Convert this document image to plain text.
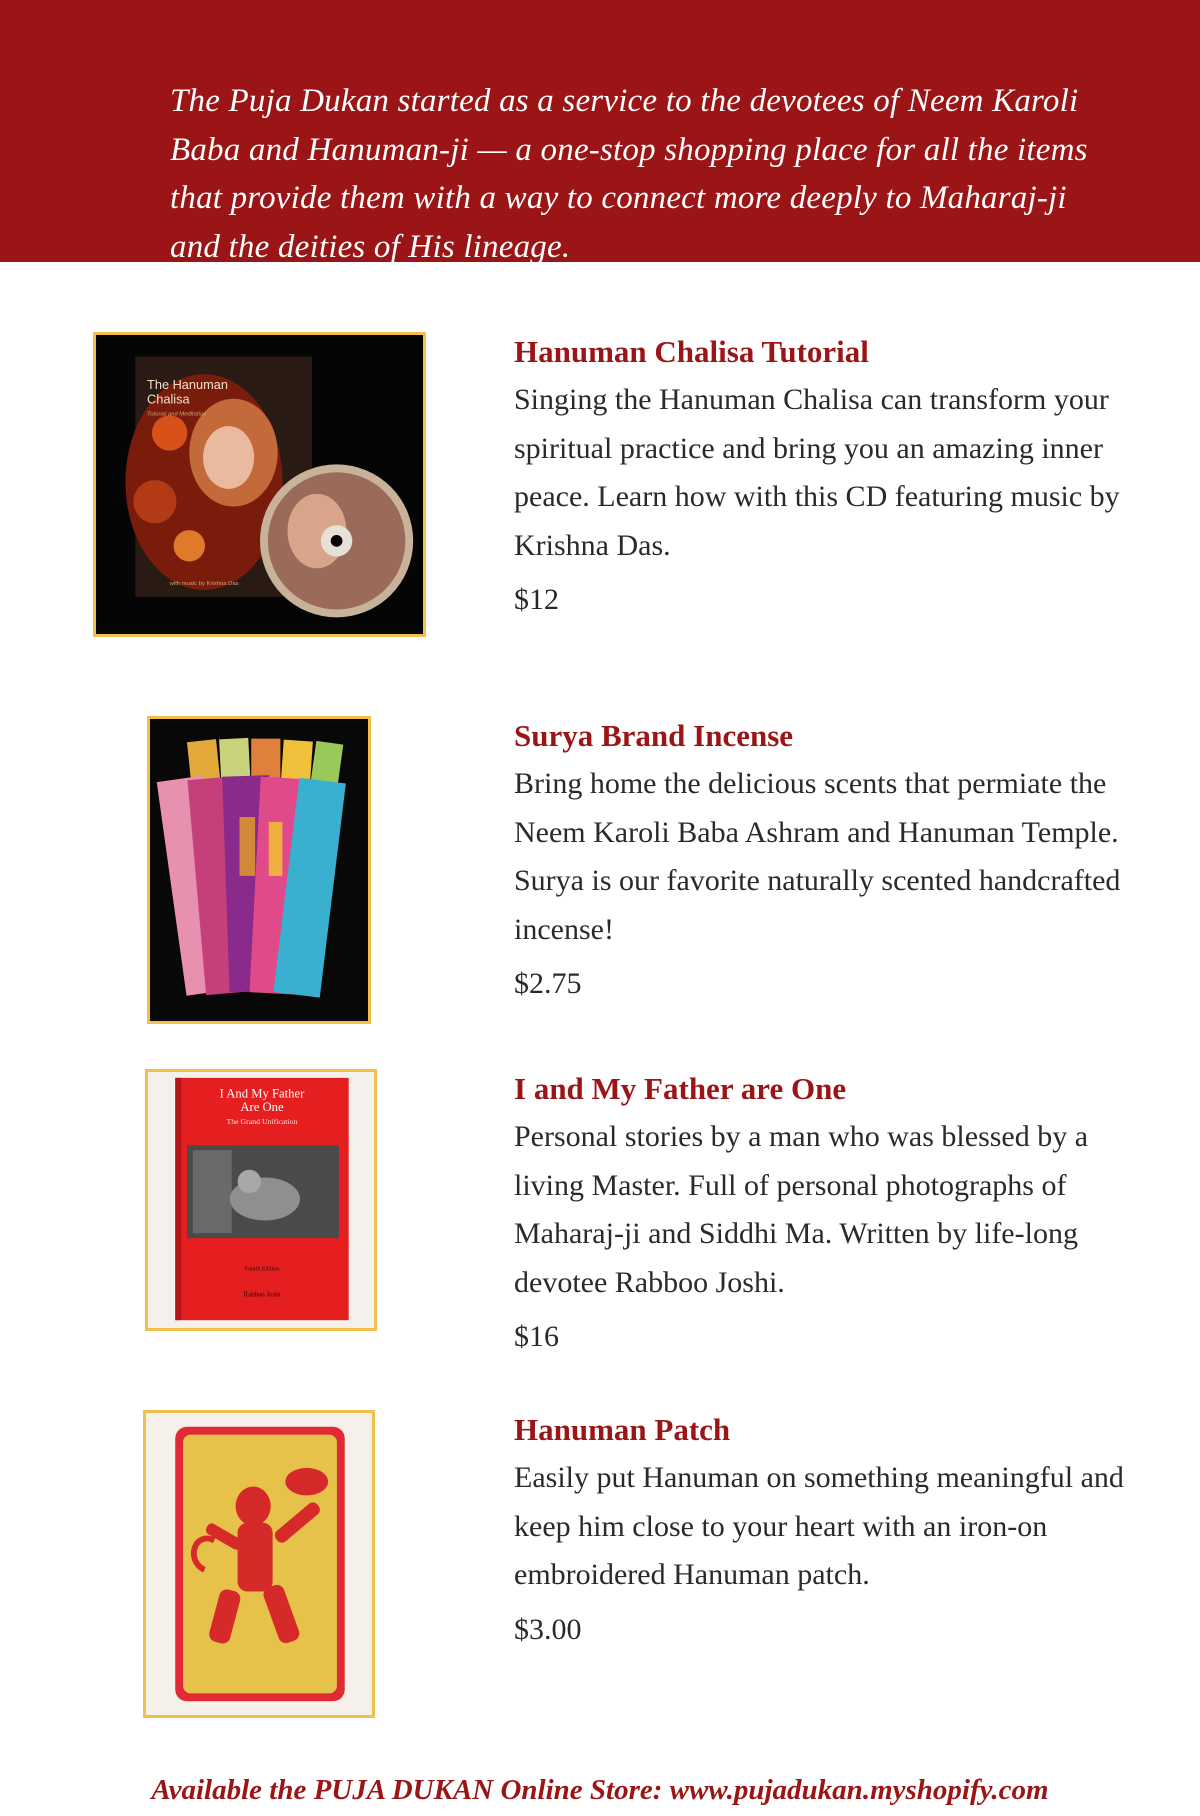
The Puja Dukan started as a service to the devotees of Neem Karoli Baba and Hanuman-ji — a one-stop shopping place for all the items that provide them with a way to connect more deeply to Maharaj-ji and the deities of His lineage.

The Hanuman
Chalisa
Tutorial and Meditation
with music by Krishna Das
Hanuman Chalisa Tutorial

Singing the Hanuman Chalisa can transform your spiritual practice and bring you an amazing inner peace. Learn how with this CD featuring music by Krishna Das.

$12

Surya Brand Incense

Bring home the delicious scents that permiate the Neem Karoli Baba Ashram and Hanuman Temple. Surya is our favorite naturally scented handcrafted incense!

$2.75

I And My Father
Are One
The Grand Unification
Fourth Edition
Rabboo Joshi
I and My Father are One

Personal stories by a man who was blessed by a living Master. Full of personal photographs of Maharaj-ji and Siddhi Ma. Written by life-long devotee Rabboo Joshi.

$16

Hanuman Patch

Easily put Hanuman on something meaningful and keep him close to your heart with an iron-on embroidered Hanuman patch.

$3.00

Available the PUJA DUKAN Online Store: www.pujadukan.myshopify.com
